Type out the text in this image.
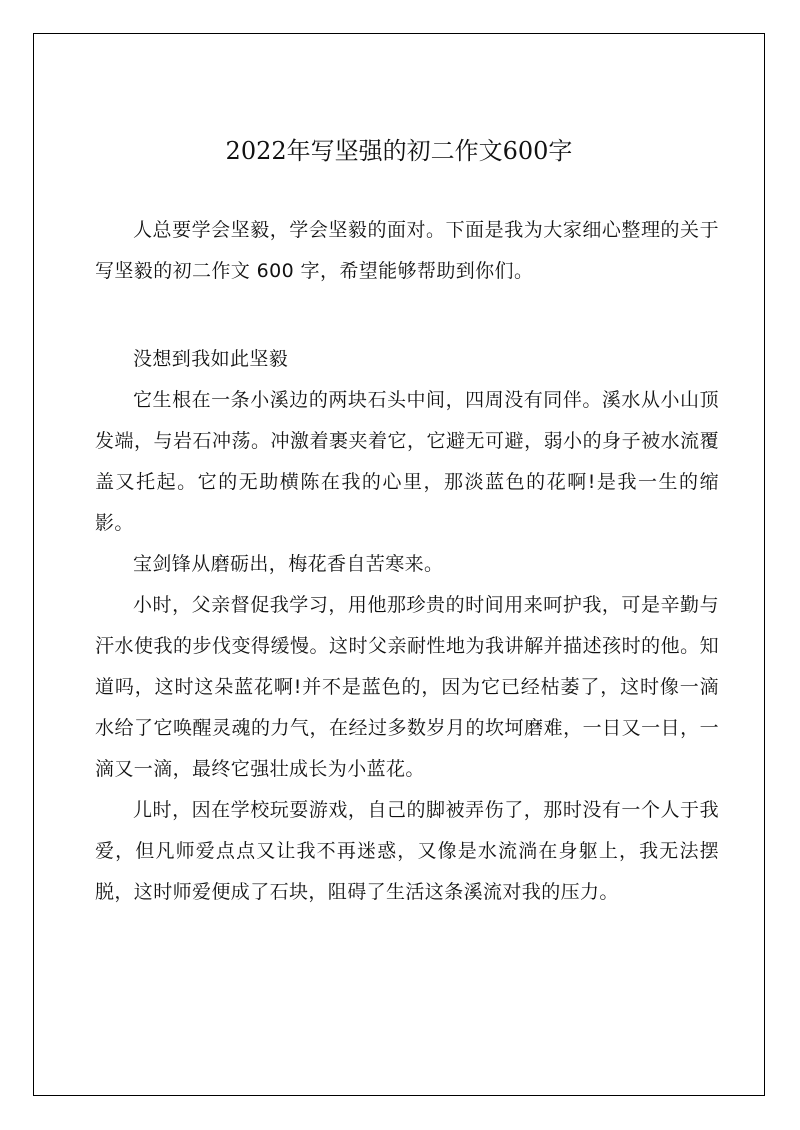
2022年写坚强的初二作文600字

人总要学会坚毅，学会坚毅的面对。下面是我为大家细心整理的关于写坚毅的初二作文 600 字，希望能够帮助到你们。

没想到我如此坚毅

它生根在一条小溪边的两块石头中间，四周没有同伴。溪水从小山顶发端，与岩石冲荡。冲激着裹夹着它，它避无可避，弱小的身子被水流覆盖又托起。它的无助横陈在我的心里，那淡蓝色的花啊!是我一生的缩影。

宝剑锋从磨砺出，梅花香自苦寒来。

小时，父亲督促我学习，用他那珍贵的时间用来呵护我，可是辛勤与汗水使我的步伐变得缓慢。这时父亲耐性地为我讲解并描述孩时的他。知道吗，这时这朵蓝花啊!并不是蓝色的，因为它已经枯萎了，这时像一滴水给了它唤醒灵魂的力气，在经过多数岁月的坎坷磨难，一日又一日，一滴又一滴，最终它强壮成长为小蓝花。

儿时，因在学校玩耍游戏，自己的脚被弄伤了，那时没有一个人于我爱，但凡师爱点点又让我不再迷惑，又像是水流淌在身躯上，我无法摆脱，这时师爱便成了石块，阻碍了生活这条溪流对我的压力。
